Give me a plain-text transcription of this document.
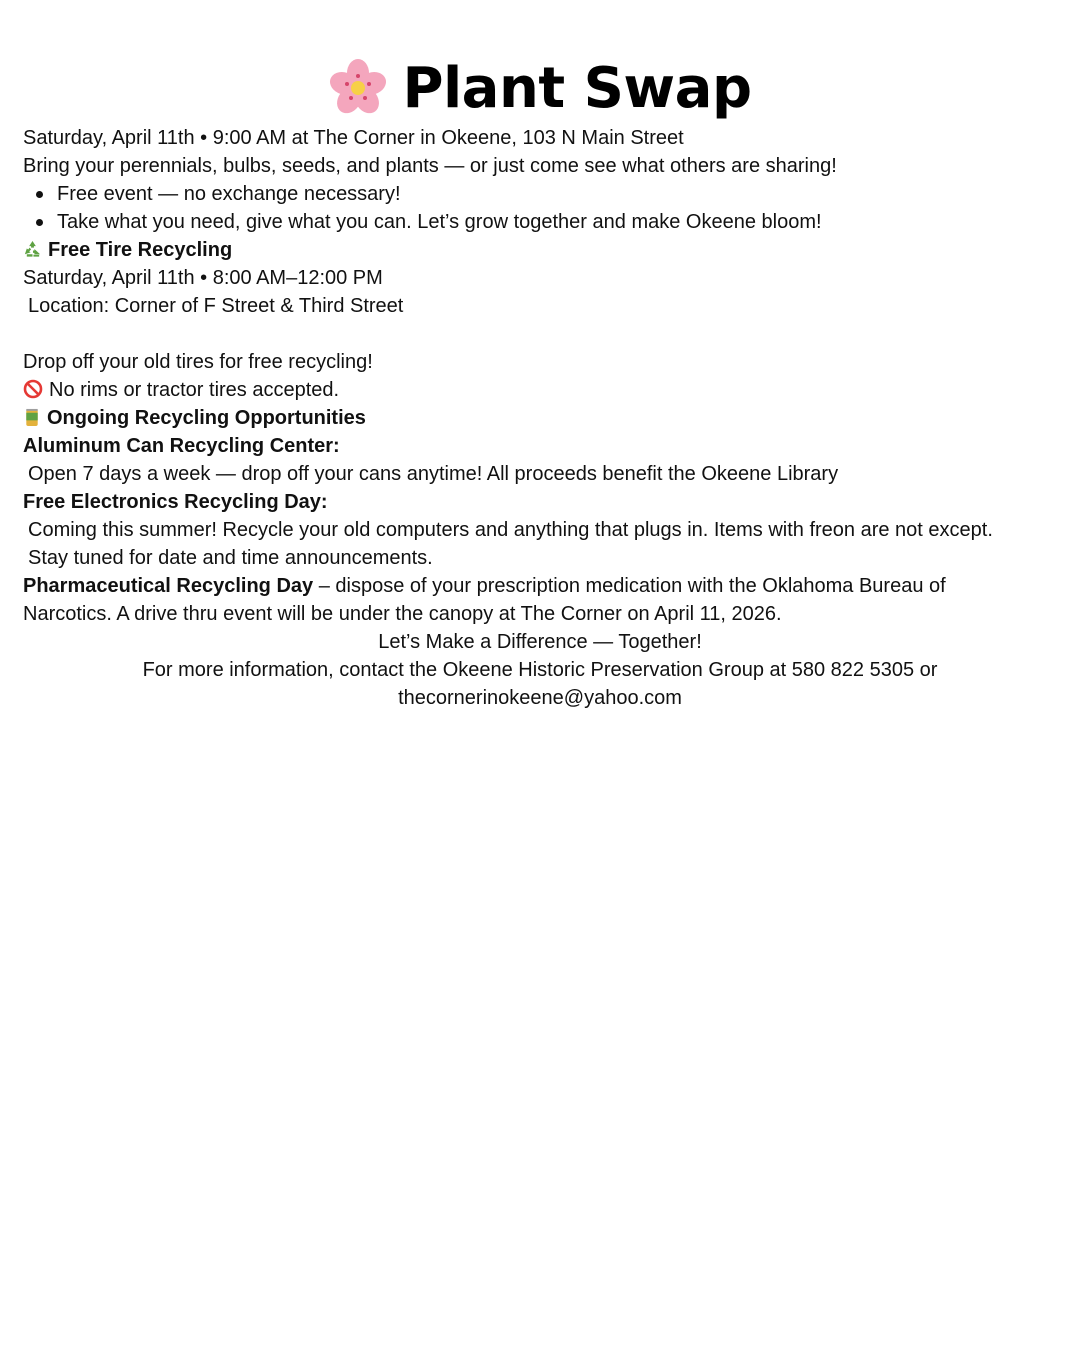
Plant Swap
Saturday, April 11th • 9:00 AM at The Corner in Okeene, 103 N Main Street
Bring your perennials, bulbs, seeds, and plants — or just come see what others are sharing!
Free event — no exchange necessary!
Take what you need, give what you can. Let’s grow together and make Okeene bloom!
Free Tire Recycling
Saturday, April 11th • 8:00 AM–12:00 PM
Location: Corner of F Street & Third Street
Drop off your old tires for free recycling!
No rims or tractor tires accepted.
Ongoing Recycling Opportunities
Aluminum Can Recycling Center:
Open 7 days a week — drop off your cans anytime! All proceeds benefit the Okeene Library
Free Electronics Recycling Day:
Coming this summer! Recycle your old computers and anything that plugs in. Items with freon are not except.
Stay tuned for date and time announcements.
Pharmaceutical Recycling Day – dispose of your prescription medication with the Oklahoma Bureau of Narcotics. A drive thru event will be under the canopy at The Corner on April 11, 2026.
Let’s Make a Difference — Together!
For more information, contact the Okeene Historic Preservation Group at 580 822 5305 or thecornerinokeene@yahoo.com
